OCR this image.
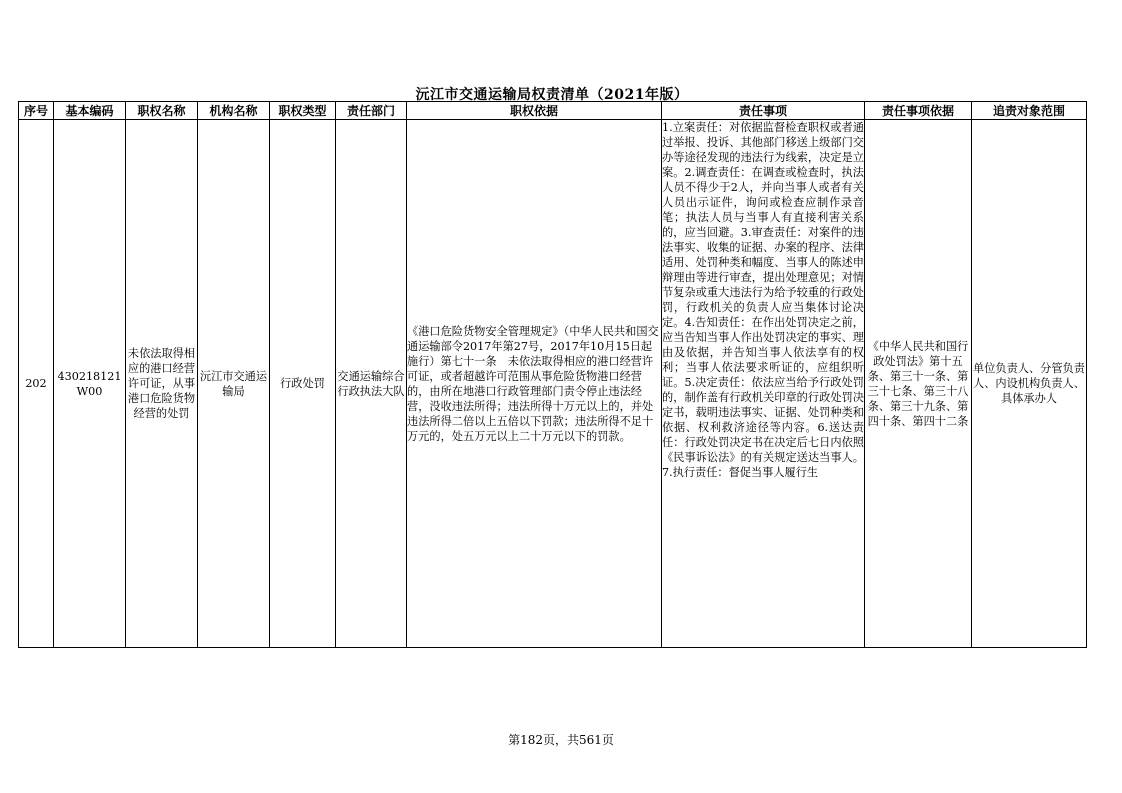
沅江市交通运输局权责清单（2021年版）
序号	基本编码	职权名称	机构名称	职权类型	责任部门	职权依据	责任事项	责任事项依据	追责对象范围
202	430218121W00	未依法取得相应的港口经营许可证，从事港口危险货物经营的处罚	沅江市交通运输局	行政处罚	交通运输综合行政执法大队	《港口危险货物安全管理规定》（中华人民共和国交通运输部令2017年第27号，2017年10月15日起施行）第七十一条　未依法取得相应的港口经营许可证，或者超越许可范围从事危险货物港口经营的，由所在地港口行政管理部门责令停止违法经营，没收违法所得；违法所得十万元以上的，并处违法所得二倍以上五倍以下罚款；违法所得不足十万元的，处五万元以上二十万元以下的罚款。	1.立案责任：对依据监督检查职权或者通过举报、投诉、其他部门移送上级部门交办等途径发现的违法行为线索，决定是立案。2.调查责任：在调查或检查时，执法人员不得少于2人，并向当事人或者有关人员出示证件，询问或检查应制作录音笔；执法人员与当事人有直接利害关系的，应当回避。3.审查责任：对案件的违法事实、收集的证据、办案的程序、法律适用、处罚种类和幅度、当事人的陈述申辩理由等进行审查，提出处理意见；对情节复杂或重大违法行为给予较重的行政处罚，行政机关的负责人应当集体讨论决定。4.告知责任：在作出处罚决定之前，应当告知当事人作出处罚决定的事实、理由及依据，并告知当事人依法享有的权利；当事人依法要求听证的，应组织听证。5.决定责任：依法应当给予行政处罚的，制作盖有行政机关印章的行政处罚决定书，载明违法事实、证据、处罚种类和依据、权利救济途径等内容。6.送达责任：行政处罚决定书在决定后七日内依照《民事诉讼法》的有关规定送达当事人。7.执行责任：督促当事人履行生	《中华人民共和国行政处罚法》第十五条、第三十一条、第三十七条、第三十八条、第三十九条、第四十条、第四十二条	单位负责人、分管负责人、内设机构负责人、具体承办人
第182页，共561页
